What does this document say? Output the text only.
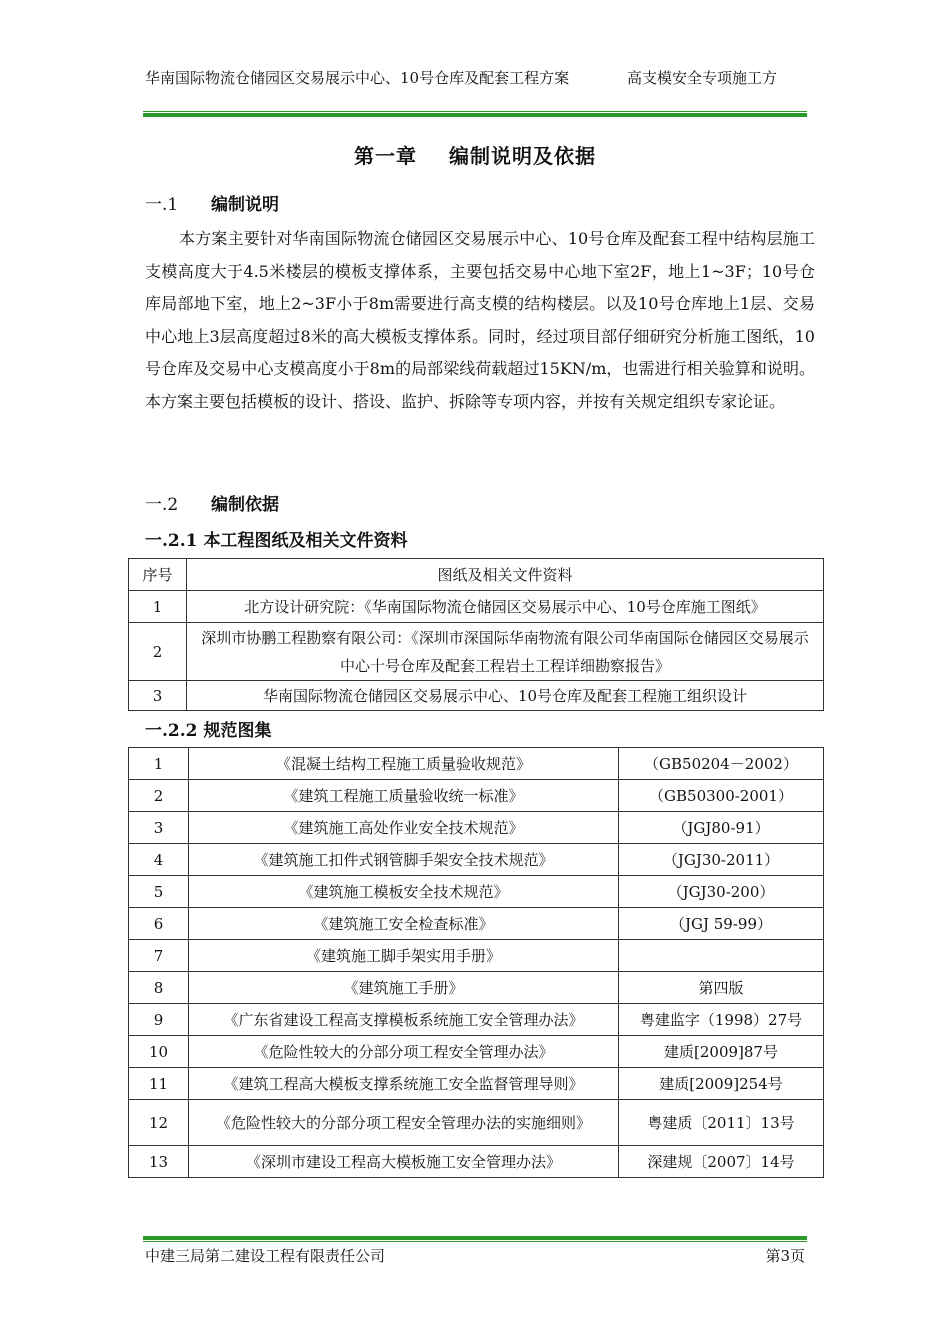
华南国际物流仓储园区交易展示中心、10号仓库及配套工程方案	高支模安全专项施工方
第一章 编制说明及依据
一.1 编制说明
本方案主要针对华南国际物流仓储园区交易展示中心、10号仓库及配套工程中结构层施工支模高度大于4.5米楼层的模板支撑体系，主要包括交易中心地下室2F，地上1~3F；10号仓库局部地下室，地上2~3F小于8m需要进行高支模的结构楼层。以及10号仓库地上1层、交易中心地上3层高度超过8米的高大模板支撑体系。同时，经过项目部仔细研究分析施工图纸，10号仓库及交易中心支模高度小于8m的局部梁线荷载超过15KN/m，也需进行相关验算和说明。本方案主要包括模板的设计、搭设、监护、拆除等专项内容，并按有关规定组织专家论证。
一.2 编制依据
一.2.1 本工程图纸及相关文件资料
序号	图纸及相关文件资料
1	北方设计研究院：《华南国际物流仓储园区交易展示中心、10号仓库施工图纸》
2	深圳市协鹏工程勘察有限公司：《深圳市深国际华南物流有限公司华南国际仓储园区交易展示中心十号仓库及配套工程岩土工程详细勘察报告》
3	华南国际物流仓储园区交易展示中心、10号仓库及配套工程施工组织设计
一.2.2 规范图集
1	《混凝土结构工程施工质量验收规范》	（GB50204－2002）
2	《建筑工程施工质量验收统一标准》	（GB50300-2001）
3	《建筑施工高处作业安全技术规范》	（JGJ80-91）
4	《建筑施工扣件式钢管脚手架安全技术规范》	（JGJ30-2011）
5	《建筑施工模板安全技术规范》	（JGJ30-200）
6	《建筑施工安全检查标准》	（JGJ 59-99）
7	《建筑施工脚手架实用手册》	
8	《建筑施工手册》	第四版
9	《广东省建设工程高支撑模板系统施工安全管理办法》	粤建监字（1998）27号
10	《危险性较大的分部分项工程安全管理办法》	建质[2009]87号
11	《建筑工程高大模板支撑系统施工安全监督管理导则》	建质[2009]254号
12	《危险性较大的分部分项工程安全管理办法的实施细则》	粤建质〔2011〕13号
13	《深圳市建设工程高大模板施工安全管理办法》	深建规〔2007〕14号
中建三局第二建设工程有限责任公司	第3页
